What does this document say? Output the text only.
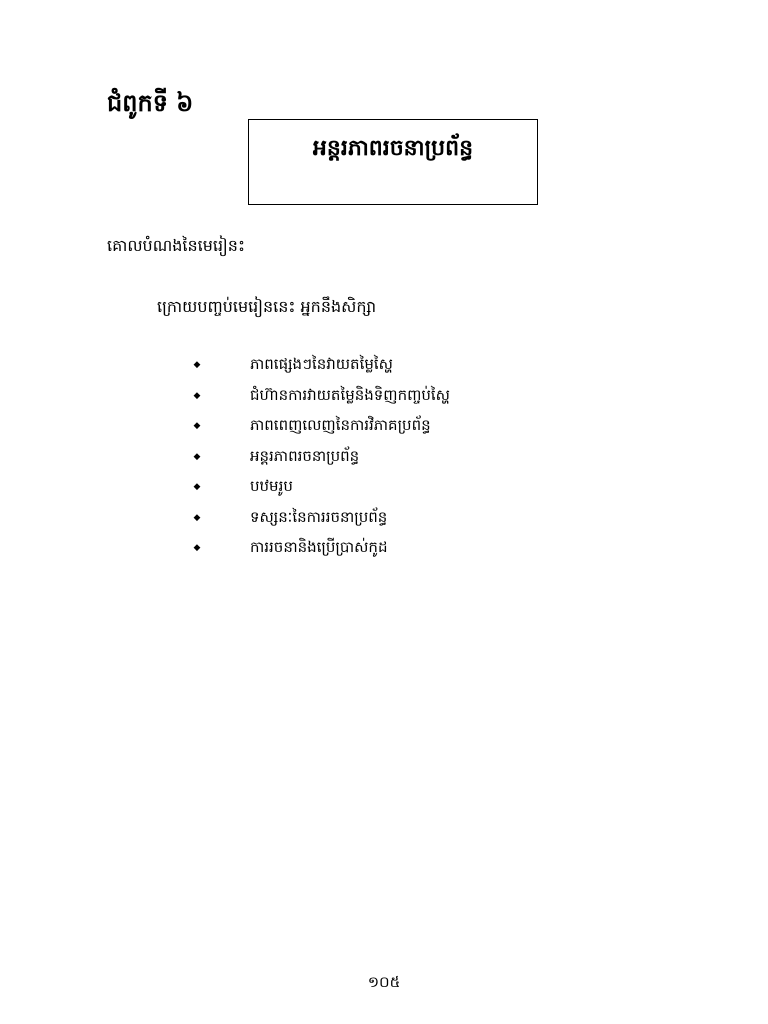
ជំពូកទី ៦
អន្តរភាពរចនាប្រព័ន្ធ
គោលបំណងនៃមេរៀនះ
ក្រោយបញ្ចប់មេរៀននេះ អ្នកនឹងសិក្សា
◆	ភាពផ្សេងៗនៃវាយតម្លៃស្ហៃ
◆	ជំហ៊ានការវាយតម្លៃនិងទិញកញ្ចប់ស្ហៃ
◆	ភាពពេញលេញនៃការវិភាគប្រព័ន្ធ
◆	អន្តរភាពរចនាប្រព័ន្ធ
◆	បឋមរូប
◆	ទស្សនៈនៃការរចនាប្រព័ន្ធ
◆	ការរចនានិងប្រើប្រាស់កូដ
១០៥
